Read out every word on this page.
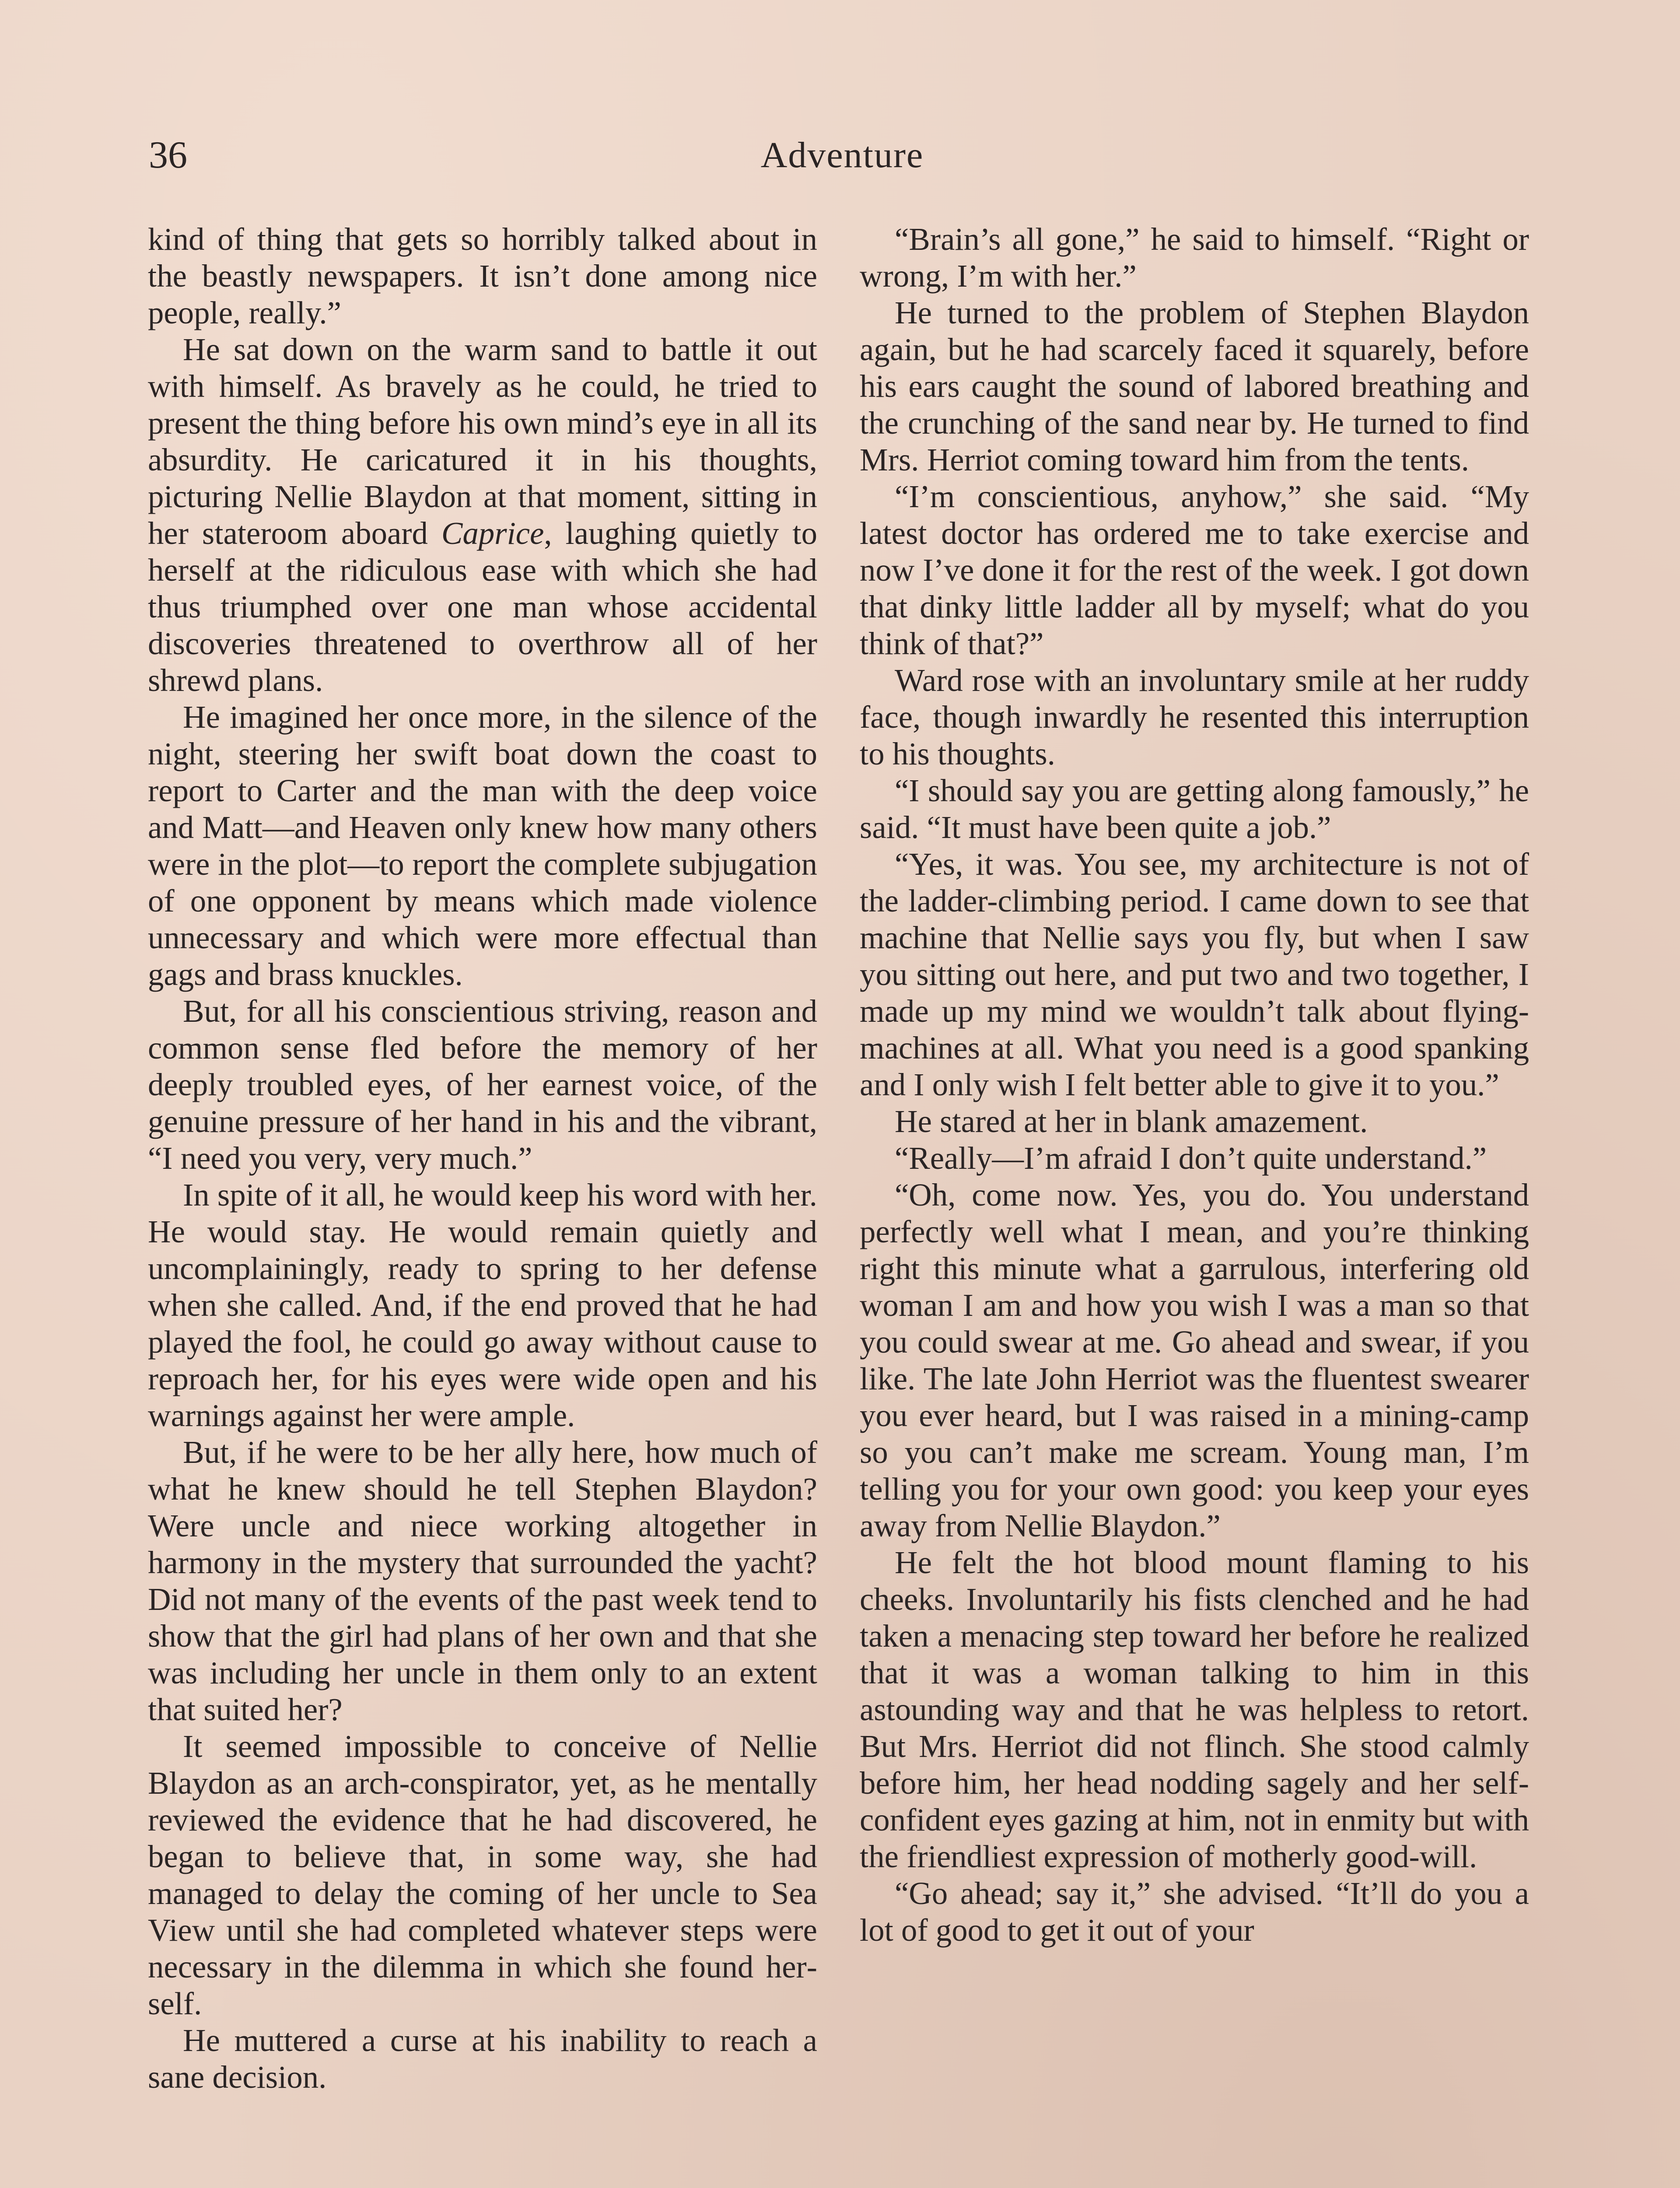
36	Adventure

kind of thing that gets so horribly talked about in the beastly newspapers. It isn’t done among nice people, really.”

He sat down on the warm sand to battle it out with himself. As bravely as he could, he tried to present the thing before his own mind’s eye in all its absurdity. He caricatured it in his thoughts, picturing Nellie Blaydon at that moment, sitting in her stateroom aboard Caprice, laughing quietly to herself at the ridiculous ease with which she had thus triumphed over one man whose accidental discoveries threatened to overthrow all of her shrewd plans.

He imagined her once more, in the silence of the night, steering her swift boat down the coast to report to Carter and the man with the deep voice and Matt—and Heaven only knew how many others were in the plot—to report the complete subjugation of one opponent by means which made violence unnecessary and which were more effectual than gags and brass knuckles.

But, for all his conscientious striving, reason and common sense fled before the memory of her deeply troubled eyes, of her earnest voice, of the genuine pressure of her hand in his and the vibrant, “I need you very, very much.”

In spite of it all, he would keep his word with her. He would stay. He would remain quietly and uncomplainingly, ready to spring to her defense when she called. And, if the end proved that he had played the fool, he could go away without cause to reproach her, for his eyes were wide open and his warnings against her were ample.

But, if he were to be her ally here, how much of what he knew should he tell Stephen Blaydon? Were uncle and niece working altogether in harmony in the mystery that surrounded the yacht? Did not many of the events of the past week tend to show that the girl had plans of her own and that she was including her uncle in them only to an extent that suited her?

It seemed impossible to conceive of Nellie Blaydon as an arch-conspirator, yet, as he mentally reviewed the evidence that he had discovered, he began to believe that, in some way, she had managed to delay the coming of her uncle to Sea View until she had completed whatever steps were necessary in the dilemma in which she found herself.

He muttered a curse at his inability to reach a sane decision.

“Brain’s all gone,” he said to himself. “Right or wrong, I’m with her.”

He turned to the problem of Stephen Blaydon again, but he had scarcely faced it squarely, before his ears caught the sound of labored breathing and the crunching of the sand near by. He turned to find Mrs. Herriot coming toward him from the tents.

“I’m conscientious, anyhow,” she said. “My latest doctor has ordered me to take exercise and now I’ve done it for the rest of the week. I got down that dinky little ladder all by myself; what do you think of that?”

Ward rose with an involuntary smile at her ruddy face, though inwardly he resented this interruption to his thoughts.

“I should say you are getting along famously,” he said. “It must have been quite a job.”

“Yes, it was. You see, my architecture is not of the ladder-climbing period. I came down to see that machine that Nellie says you fly, but when I saw you sitting out here, and put two and two together, I made up my mind we wouldn’t talk about flying-machines at all. What you need is a good spanking and I only wish I felt better able to give it to you.”

He stared at her in blank amazement.

“Really—I’m afraid I don’t quite understand.”

“Oh, come now. Yes, you do. You understand perfectly well what I mean, and you’re thinking right this minute what a garrulous, interfering old woman I am and how you wish I was a man so that you could swear at me. Go ahead and swear, if you like. The late John Herriot was the fluentest swearer you ever heard, but I was raised in a mining-camp so you can’t make me scream. Young man, I’m telling you for your own good: you keep your eyes away from Nellie Blaydon.”

He felt the hot blood mount flaming to his cheeks. Involuntarily his fists clenched and he had taken a menacing step toward her before he realized that it was a woman talking to him in this astounding way and that he was helpless to retort. But Mrs. Herriot did not flinch. She stood calmly before him, her head nodding sagely and her self-confident eyes gazing at him, not in enmity but with the friendliest expression of motherly good-will.

“Go ahead; say it,” she advised. “It’ll do you a lot of good to get it out of your
